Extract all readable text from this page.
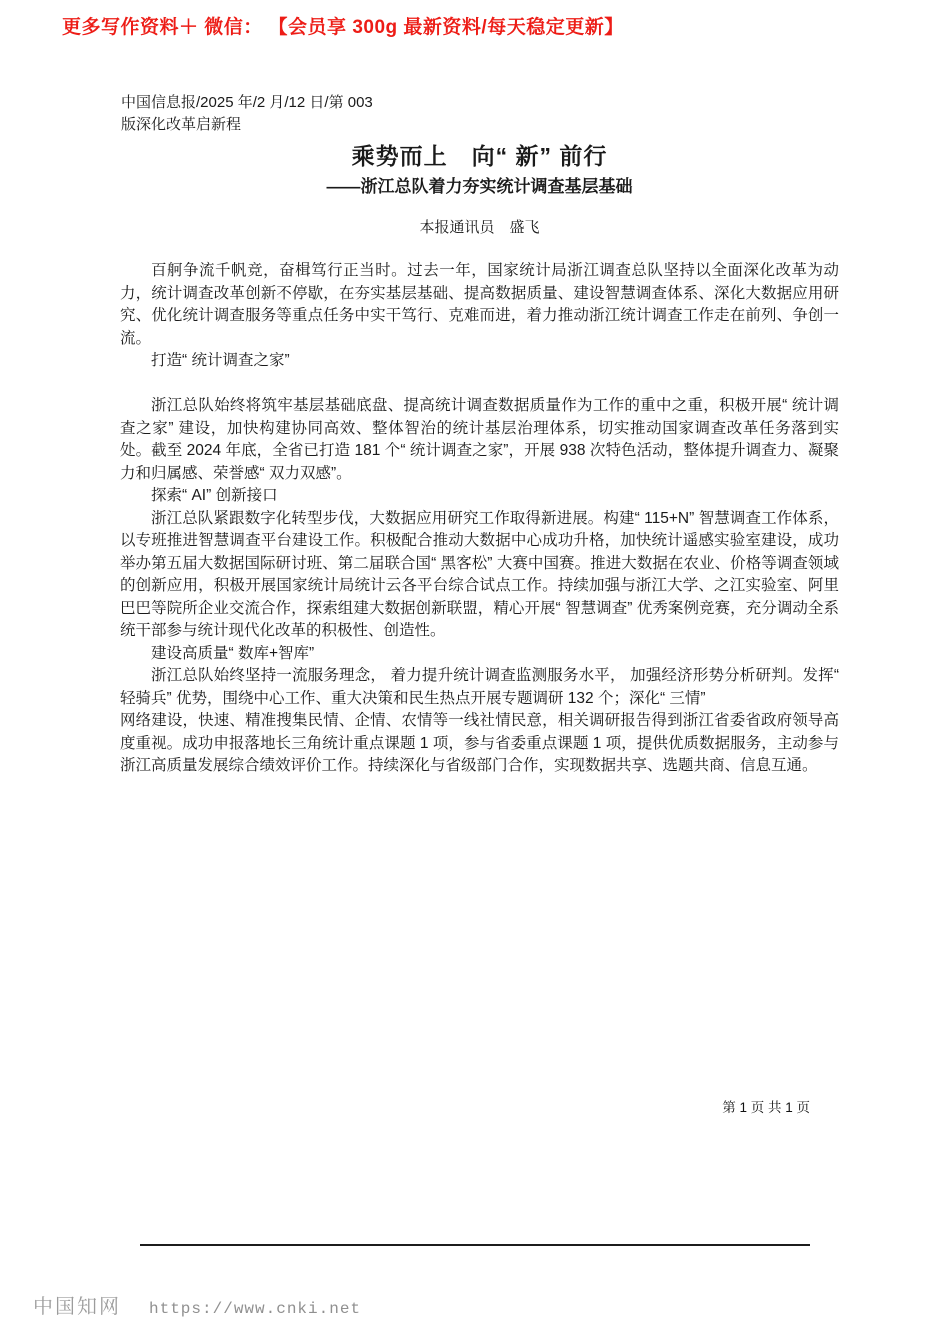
更多写作资料＋ 微信： 【会员享 300g 最新资料/每天稳定更新】
中国信息报/2025 年/2 月/12 日/第 003
版深化改革启新程
乘势而上　向“ 新” 前行
——浙江总队着力夯实统计调查基层基础
本报通讯员　盛飞

百舸争流千帆竞，奋楫笃行正当时。过去一年，国家统计局浙江调查总队坚持以全面深化改革为动力，统计调查改革创新不停歇，在夯实基层基础、提高数据质量、建设智慧调查体系、深化大数据应用研究、优化统计调查服务等重点任务中实干笃行、克难而进，着力推动浙江统计调查工作走在前列、争创一流。

打造“ 统计调查之家”

浙江总队始终将筑牢基层基础底盘、提高统计调查数据质量作为工作的重中之重，积极开展“ 统计调查之家” 建设，加快构建协同高效、整体智治的统计基层治理体系，切实推动国家调查改革任务落到实处。截至 2024 年底，全省已打造 181 个“ 统计调查之家”，开展 938 次特色活动，整体提升调查力、凝聚力和归属感、荣誉感“ 双力双感”。

探索“ AI” 创新接口

浙江总队紧跟数字化转型步伐，大数据应用研究工作取得新进展。构建“ 115+N” 智慧调查工作体系，以专班推进智慧调查平台建设工作。积极配合推动大数据中心成功升格，加快统计遥感实验室建设，成功举办第五届大数据国际研讨班、第二届联合国“ 黑客松” 大赛中国赛。推进大数据在农业、价格等调查领域的创新应用，积极开展国家统计局统计云各平台综合试点工作。持续加强与浙江大学、之江实验室、阿里巴巴等院所企业交流合作，探索组建大数据创新联盟，精心开展“ 智慧调查” 优秀案例竞赛，充分调动全系统干部参与统计现代化改革的积极性、创造性。

建设高质量“ 数库+智库”

浙江总队始终坚持一流服务理念， 着力提升统计调查监测服务水平， 加强经济形势分析研判。发挥“ 轻骑兵” 优势，围绕中心工作、重大决策和民生热点开展专题调研 132 个；深化“ 三情”

网络建设，快速、精准搜集民情、企情、农情等一线社情民意，相关调研报告得到浙江省委省政府领导高度重视。成功申报落地长三角统计重点课题 1 项，参与省委重点课题 1 项，提供优质数据服务，主动参与浙江高质量发展综合绩效评价工作。持续深化与省级部门合作，实现数据共享、选题共商、信息互通。

第 1 页 共 1 页
中国知网 https://www.cnki.net
